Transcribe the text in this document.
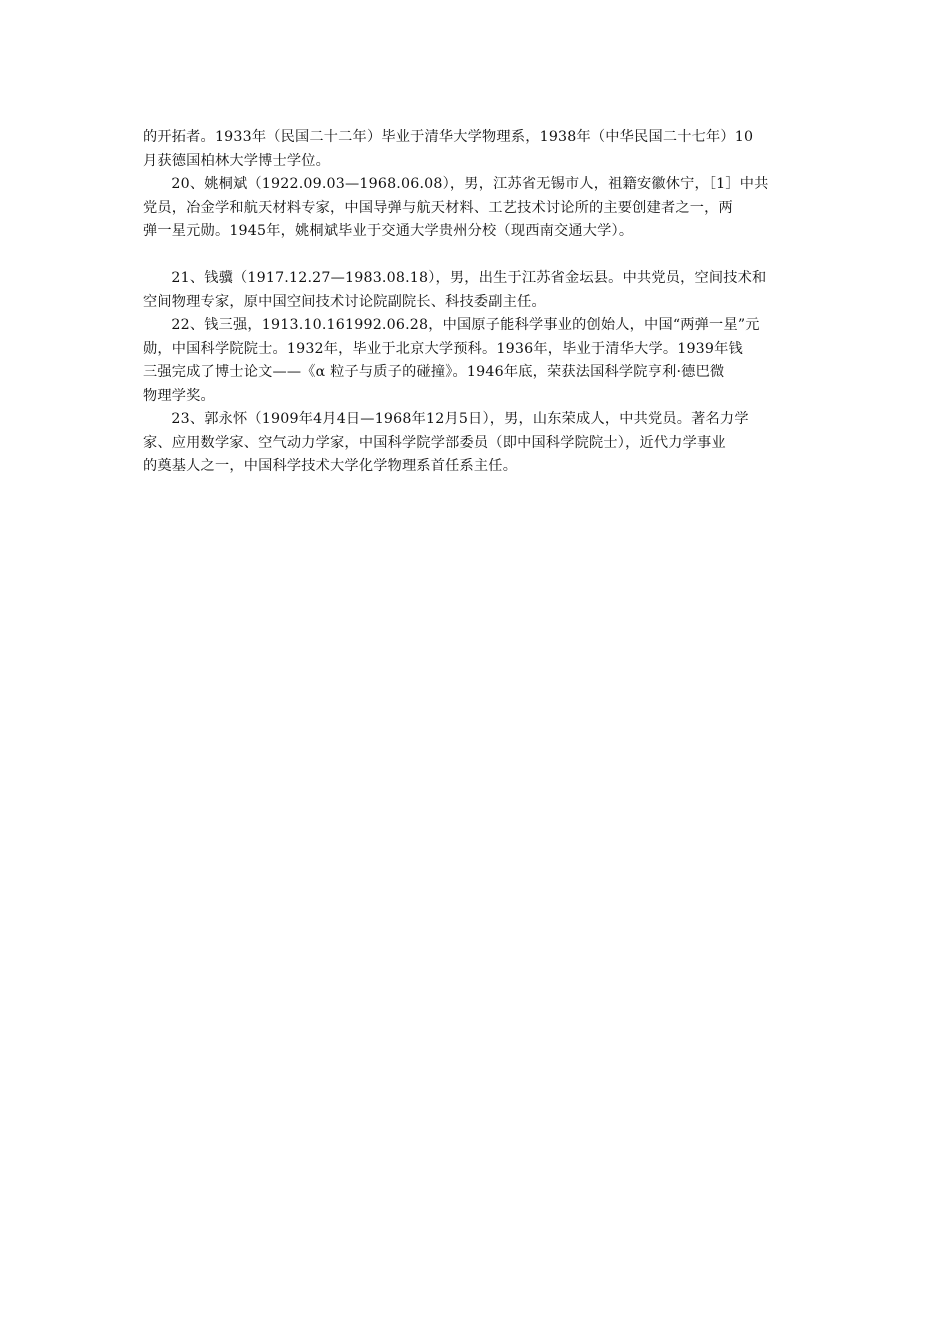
的开拓者。1933年（民国二十二年）毕业于清华大学物理系，1938年（中华民国二十七年）10
月获德国柏林大学博士学位。

20、姚桐斌（1922.09.03—1968.06.08），男，江苏省无锡市人，祖籍安徽休宁，［1］中共
党员，冶金学和航天材料专家，中国导弹与航天材料、工艺技术讨论所的主要创建者之一，两
弹一星元勋。1945年，姚桐斌毕业于交通大学贵州分校（现西南交通大学）。

21、钱骥（1917.12.27—1983.08.18），男，出生于江苏省金坛县。中共党员，空间技术和
空间物理专家，原中国空间技术讨论院副院长、科技委副主任。

22、钱三强，1913.10.161992.06.28，中国原子能科学事业的创始人，中国“两弹一星”元
勋，中国科学院院士。1932年，毕业于北京大学预科。1936年，毕业于清华大学。1939年钱
三强完成了博士论文——《α 粒子与质子的碰撞》。1946年底，荣获法国科学院亨利·德巴微
物理学奖。

23、郭永怀（1909年4月4日—1968年12月5日），男，山东荣成人，中共党员。著名力学
家、应用数学家、空气动力学家，中国科学院学部委员（即中国科学院院士），近代力学事业
的奠基人之一，中国科学技术大学化学物理系首任系主任。
